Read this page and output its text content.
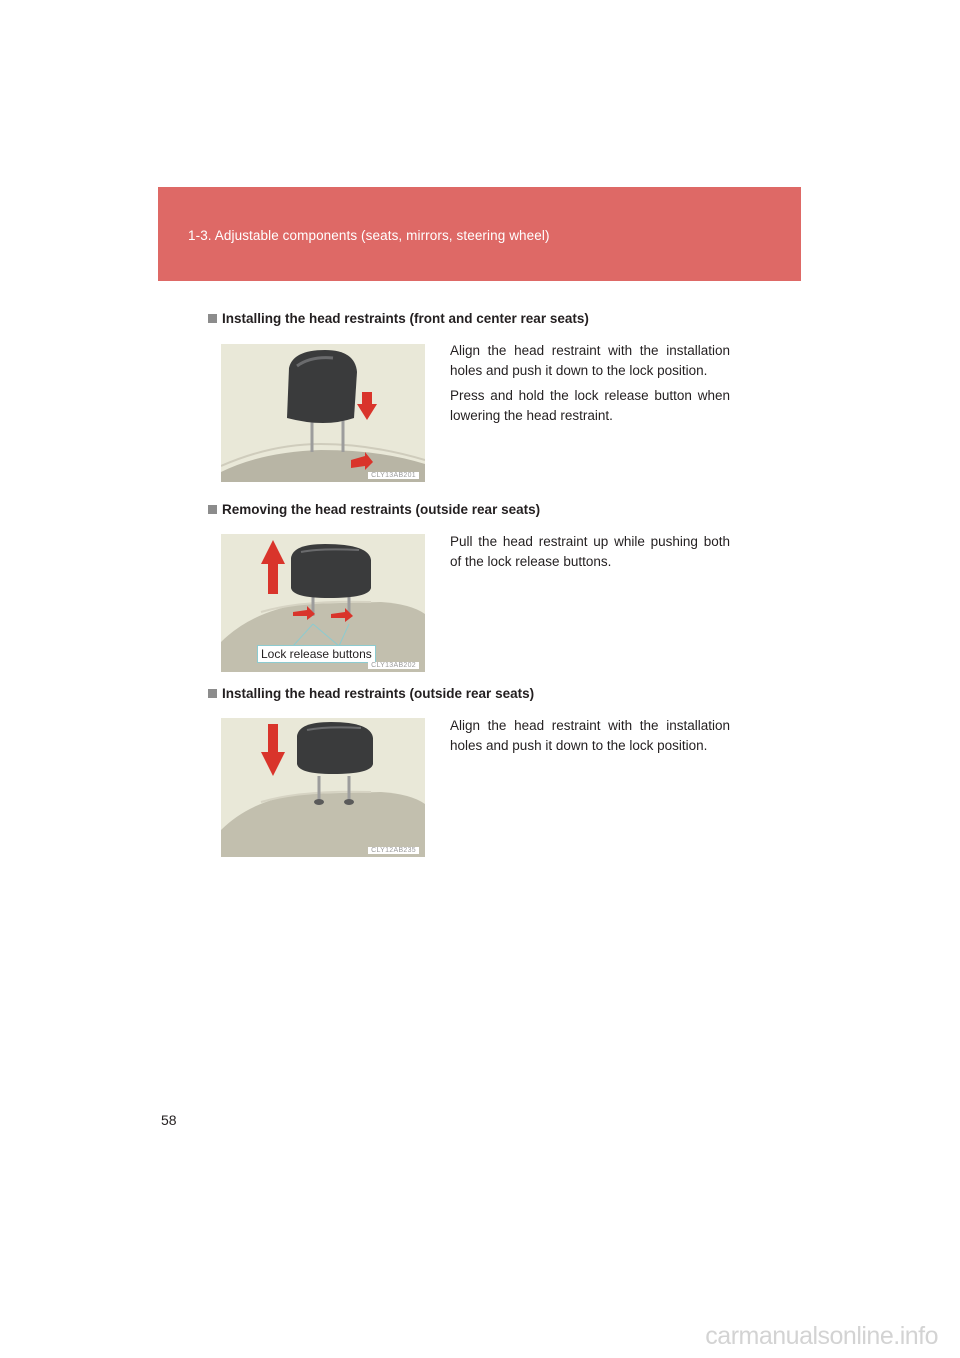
1-3. Adjustable components (seats, mirrors, steering wheel)
Installing the head restraints (front and center rear seats)
CLY13AB201

Align the head restraint with the installation holes and push it down to the lock position.

Press and hold the lock release button when lowering the head restraint.

Removing the head restraints (outside rear seats)
Lock release buttons
CLY13AB202

Pull the head restraint up while pushing both of the lock release buttons.

Installing the head restraints (outside rear seats)
CLY12AB235

Align the head restraint with the installation holes and push it down to the lock position.

58
carmanualsonline.info
